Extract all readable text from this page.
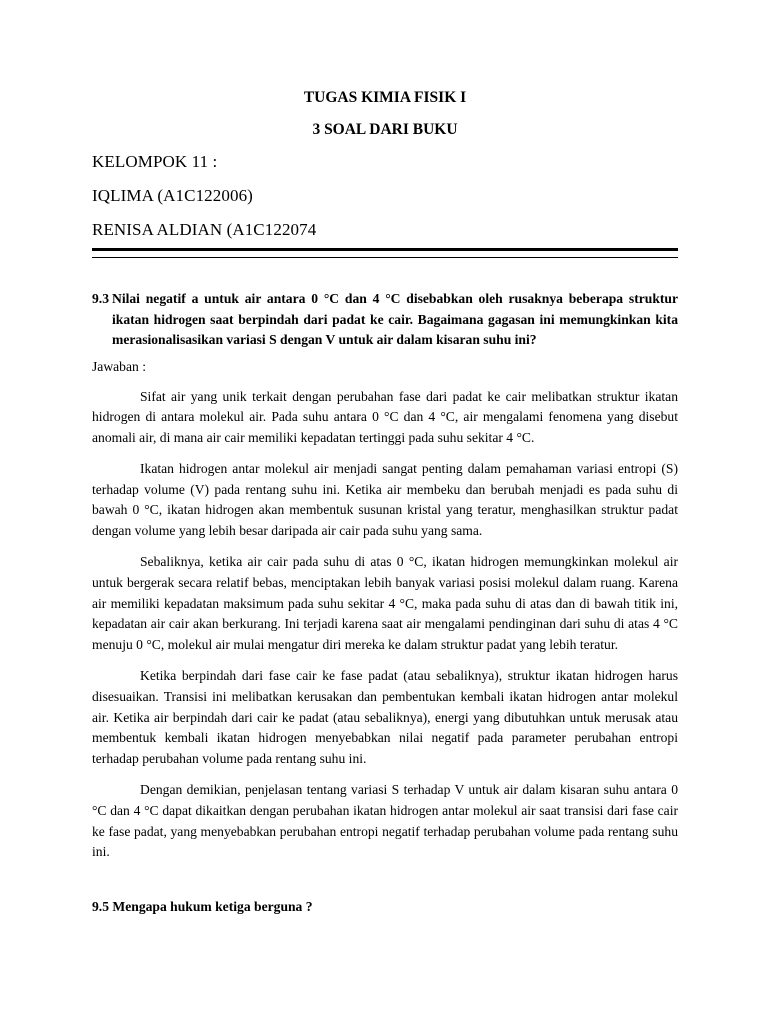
TUGAS KIMIA FISIK I

3 SOAL DARI BUKU

KELOMPOK 11 :

IQLIMA (A1C122006)

RENISA ALDIAN (A1C122074

9.3 Nilai negatif a untuk air antara 0 °C dan 4 °C disebabkan oleh rusaknya beberapa struktur ikatan hidrogen saat berpindah dari padat ke cair. Bagaimana gagasan ini memungkinkan kita merasionalisasikan variasi S dengan V untuk air dalam kisaran suhu ini?
Jawaban :

Sifat air yang unik terkait dengan perubahan fase dari padat ke cair melibatkan struktur ikatan hidrogen di antara molekul air. Pada suhu antara 0 °C dan 4 °C, air mengalami fenomena yang disebut anomali air, di mana air cair memiliki kepadatan tertinggi pada suhu sekitar 4 °C.

Ikatan hidrogen antar molekul air menjadi sangat penting dalam pemahaman variasi entropi (S) terhadap volume (V) pada rentang suhu ini. Ketika air membeku dan berubah menjadi es pada suhu di bawah 0 °C, ikatan hidrogen akan membentuk susunan kristal yang teratur, menghasilkan struktur padat dengan volume yang lebih besar daripada air cair pada suhu yang sama.

Sebaliknya, ketika air cair pada suhu di atas 0 °C, ikatan hidrogen memungkinkan molekul air untuk bergerak secara relatif bebas, menciptakan lebih banyak variasi posisi molekul dalam ruang. Karena air memiliki kepadatan maksimum pada suhu sekitar 4 °C, maka pada suhu di atas dan di bawah titik ini, kepadatan air cair akan berkurang. Ini terjadi karena saat air mengalami pendinginan dari suhu di atas 4 °C menuju 0 °C, molekul air mulai mengatur diri mereka ke dalam struktur padat yang lebih teratur.

Ketika berpindah dari fase cair ke fase padat (atau sebaliknya), struktur ikatan hidrogen harus disesuaikan. Transisi ini melibatkan kerusakan dan pembentukan kembali ikatan hidrogen antar molekul air. Ketika air berpindah dari cair ke padat (atau sebaliknya), energi yang dibutuhkan untuk merusak atau membentuk kembali ikatan hidrogen menyebabkan nilai negatif pada parameter perubahan entropi terhadap perubahan volume pada rentang suhu ini.

Dengan demikian, penjelasan tentang variasi S terhadap V untuk air dalam kisaran suhu antara 0 °C dan 4 °C dapat dikaitkan dengan perubahan ikatan hidrogen antar molekul air saat transisi dari fase cair ke fase padat, yang menyebabkan perubahan entropi negatif terhadap perubahan volume pada rentang suhu ini.

9.5 Mengapa hukum ketiga berguna ?
